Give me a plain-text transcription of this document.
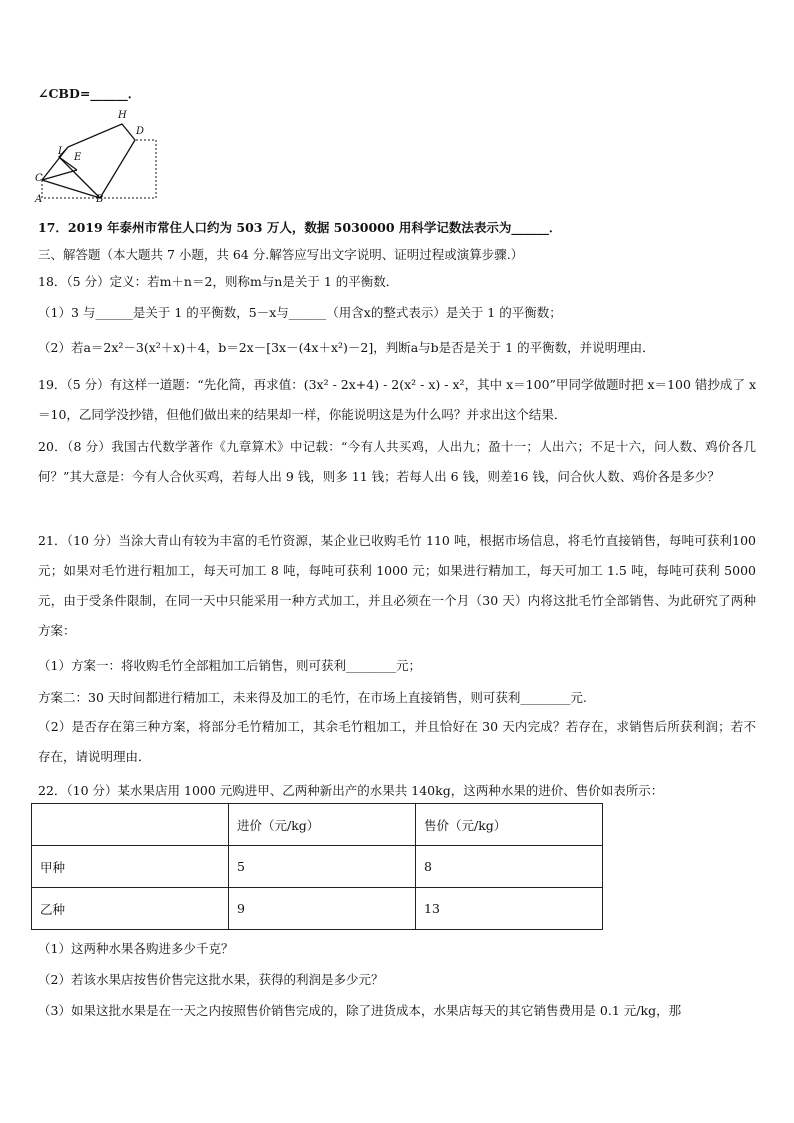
∠CBD=______．
H
D
I
E
C
A	B
17．2019 年泰州市常住人口约为 503 万人，数据 5030000 用科学记数法表示为______．
三、解答题（本大题共 7 小题，共 64 分.解答应写出文字说明、证明过程或演算步骤.）
18．（5 分）定义：若m＋n＝2，则称m与n是关于 1 的平衡数．
（1）3 与______是关于 1 的平衡数，5－x与______（用含x的整式表示）是关于 1 的平衡数；
（2）若a＝2x²－3(x²＋x)＋4，b＝2x－[3x－(4x＋x²)－2]，判断a与b是否是关于 1 的平衡数，并说明理由．
19．（5 分）有这样一道题：“先化简，再求值：(3x² - 2x+4) - 2(x² - x) - x²，其中 x＝100”甲同学做题时把 x＝100 错抄成了 x＝10，乙同学没抄错，但他们做出来的结果却一样，你能说明这是为什么吗？并求出这个结果．
20．（8 分）我国古代数学著作《九章算术》中记载：“今有人共买鸡，人出九；盈十一；人出六；不足十六，问人数、鸡价各几何？”其大意是：今有人合伙买鸡，若每人出 9 钱，则多 11 钱；若每人出 6 钱，则差16 钱，问合伙人数、鸡价各是多少？
21．（10 分）当涂大青山有较为丰富的毛竹资源，某企业已收购毛竹 110 吨，根据市场信息，将毛竹直接销售，每吨可获利100 元；如果对毛竹进行粗加工，每天可加工 8 吨，每吨可获利 1000 元；如果进行精加工，每天可加工 1.5 吨，每吨可获利 5000 元，由于受条件限制，在同一天中只能采用一种方式加工，并且必须在一个月（30 天）内将这批毛竹全部销售、为此研究了两种方案：
（1）方案一：将收购毛竹全部粗加工后销售，则可获利________元；
方案二：30 天时间都进行精加工，未来得及加工的毛竹，在市场上直接销售，则可获利________元.
（2）是否存在第三种方案，将部分毛竹精加工，其余毛竹粗加工，并且恰好在 30 天内完成？若存在，求销售后所获利润；若不存在，请说明理由．
22．（10 分）某水果店用 1000 元购进甲、乙两种新出产的水果共 140kg，这两种水果的进价、售价如表所示：
	进价（元/kg）	售价（元/kg）
甲种	5	8
乙种	9	13
（1）这两种水果各购进多少千克？
（2）若该水果店按售价售完这批水果，获得的利润是多少元？
（3）如果这批水果是在一天之内按照售价销售完成的，除了进货成本，水果店每天的其它销售费用是 0.1 元/kg，那
